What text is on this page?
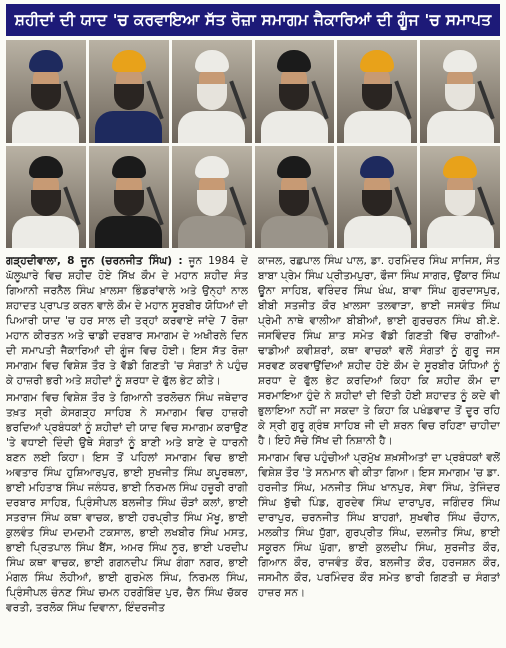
ਸ਼ਹੀਦਾਂ ਦੀ ਯਾਦ 'ਚ ਕਰਵਾਇਆ ਸੱਤ ਰੋਜ਼ਾ ਸਮਾਗਮ ਜੈਕਾਰਿਆਂ ਦੀ ਗੂੰਜ 'ਚ ਸਮਾਪਤ

ਗੜ੍ਹਦੀਵਾਲਾ, 8 ਜੂਨ (ਚਰਨਜੀਤ ਸਿੰਘ) : ਜੂਨ 1984 ਦੇ ਘੱਲੂਘਾਰੇ ਵਿਚ ਸ਼ਹੀਦ ਹੋਏ ਸਿੱਖ ਕੌਮ ਦੇ ਮਹਾਨ ਸ਼ਹੀਦ ਸੰਤ ਗਿਆਨੀ ਜਰਨੈਲ ਸਿੰਘ ਖ਼ਾਲਸਾ ਭਿੰਡਰਾਂਵਾਲੇ ਅਤੇ ਉਨ੍ਹਾਂ ਨਾਲ ਸ਼ਹਾਦਤ ਪ੍ਰਾਪਤ ਕਰਨ ਵਾਲੇ ਕੌਮ ਦੇ ਮਹਾਨ ਸੂਰਬੀਰ ਯੋਧਿਆਂ ਦੀ ਪਿਆਰੀ ਯਾਦ 'ਚ ਹਰ ਸਾਲ ਦੀ ਤਰ੍ਹਾਂ ਕਰਵਾਏ ਜਾਂਦੇ 7 ਰੋਜ਼ਾ ਮਹਾਨ ਕੀਰਤਨ ਅਤੇ ਢਾਡੀ ਦਰਬਾਰ ਸਮਾਗਮ ਦੇ ਅਖੀਰਲੇ ਦਿਨ ਦੀ ਸਮਾਪਤੀ ਜੈਕਾਰਿਆਂ ਦੀ ਗੂੰਜ ਵਿਚ ਹੋਈ। ਇਸ ਸੱਤ ਰੋਜ਼ਾ ਸਮਾਗਮ ਵਿਚ ਵਿਸ਼ੇਸ਼ ਤੌਰ ਤੇ ਵੱਡੀ ਗਿਣਤੀ 'ਚ ਸੰਗਤਾਂ ਨੇ ਪਹੁੰਚ ਕੇ ਹਾਜ਼ਰੀ ਭਰੀ ਅਤੇ ਸ਼ਹੀਦਾਂ ਨੂੰ ਸ਼ਰਧਾ ਦੇ ਫੁੱਲ ਭੇਟ ਕੀਤੇ।

ਸਮਾਗਮ ਵਿਚ ਵਿਸ਼ੇਸ਼ ਤੌਰ ਤੇ ਗਿਆਨੀ ਤਰਲੋਚਨ ਸਿੰਘ ਜਥੇਦਾਰ ਤਖ਼ਤ ਸ੍ਰੀ ਕੇਸਗੜ੍ਹ ਸਾਹਿਬ ਨੇ ਸਮਾਗਮ ਵਿਚ ਹਾਜ਼ਰੀ ਭਰਦਿਆਂ ਪ੍ਰਬੰਧਕਾਂ ਨੂੰ ਸ਼ਹੀਦਾਂ ਦੀ ਯਾਦ ਵਿਚ ਸਮਾਗਮ ਕਰਾਉਣ 'ਤੇ ਵਧਾਈ ਦਿੰਦੀ ਉਥੇ ਸੰਗਤਾਂ ਨੂੰ ਬਾਣੀ ਅਤੇ ਬਾਣੇ ਦੇ ਧਾਰਨੀ ਬਣਨ ਲਈ ਕਿਹਾ। ਇਸ ਤੋਂ ਪਹਿਲਾਂ ਸਮਾਗਮ ਵਿਚ ਭਾਈ ਅਵਤਾਰ ਸਿੰਘ ਹੁਸ਼ਿਆਰਪੁਰ, ਭਾਈ ਸੁਖਜੀਤ ਸਿੰਘ ਕਪੂਰਥਲਾ, ਭਾਈ ਮਹਿਤਾਬ ਸਿੰਘ ਜਲੰਧਰ, ਭਾਈ ਨਿਰਮਲ ਸਿੰਘ ਹਜ਼ੂਰੀ ਰਾਗੀ ਦਰਬਾਰ ਸਾਹਿਬ, ਪ੍ਰਿੰਸੀਪਲ ਬਲਜੀਤ ਸਿੰਘ ਚੌੜਾਂ ਕਲਾਂ, ਭਾਈ ਸਤਰਾਜ ਸਿੰਘ ਕਥਾ ਵਾਚਕ, ਭਾਈ ਹਰਪ੍ਰੀਤ ਸਿੰਘ ਮੱਖੂ, ਭਾਈ ਕੁਲਵੰਤ ਸਿੰਘ ਦਮਦਮੀ ਟਕਸਾਲ, ਭਾਈ ਲਖਬੀਰ ਸਿੰਘ ਮਸਤ, ਭਾਈ ਪ੍ਰਿਤਪਾਲ ਸਿੰਘ ਬੈਂਸ, ਅਮਰ ਸਿੰਘ ਨੂਰ, ਭਾਈ ਪਰਦੀਪ ਸਿੰਘ ਕਥਾ ਵਾਚਕ, ਭਾਈ ਗਗਨਦੀਪ ਸਿੰਘ ਗੰਗਾ ਨਗਰ, ਭਾਈ ਮੰਗਲ ਸਿੰਘ ਲੋਹੀਆਂ, ਭਾਈ ਗੁਰਮੇਲ ਸਿੰਘ, ਨਿਰਮਲ ਸਿੰਘ, ਪ੍ਰਿੰਸੀਪਲ ਚੰਨਣ ਸਿੰਘ ਚਮਨ ਹਰਗੋਬਿੰਦ ਪੁਰ, ਚੈਨ ਸਿੰਘ ਚੱਕਰ ਵਰਤੀ, ਤਰਲੋਕ ਸਿੰਘ ਦਿਵਾਨਾ, ਇੰਦਰਜੀਤ

ਕਾਜਲ, ਰਛਪਾਲ ਸਿੰਘ ਪਾਲ, ਡਾ. ਹਰਮਿੰਦਰ ਸਿੰਘ ਸਾਜਿਸ, ਸੰਤ ਬਾਬਾ ਪ੍ਰੇਮ ਸਿੰਘ ਪ੍ਰੀਤਮਪੁਰਾ, ਫੌਜਾ ਸਿੰਘ ਸਾਗਰ, ਉਂਕਾਰ ਸਿੰਘ ਊਨਾ ਸਾਹਿਬ, ਵਰਿੰਦਰ ਸਿੰਘ ਖੰਘ, ਬਾਵਾ ਸਿੰਘ ਗੁਰਦਾਸਪੁਰ, ਬੀਬੀ ਸਤਜੀਤ ਕੌਰ ਖ਼ਾਲਸਾ ਤਲਵਾੜਾ, ਭਾਈ ਜਸਵੰਤ ਸਿੰਘ ਪ੍ਰੇਮੀ ਨਾਥੇ ਵਾਲੀਆ ਬੀਬੀਆਂ, ਭਾਈ ਗੁਰਚਰਨ ਸਿੰਘ ਬੀ.ਏ. ਜਸਵਿੰਦਰ ਸਿੰਘ ਸ਼ਾਤ ਸਮੇਤ ਵੱਡੀ ਗਿਣਤੀ ਵਿੱਚ ਰਾਗੀਆਂ-ਢਾਡੀਆਂ ਕਵੀਸ਼ਰਾਂ, ਕਥਾ ਵਾਚਕਾਂ ਵਲੋਂ ਸੰਗਤਾਂ ਨੂੰ ਗੁਰੂ ਜਸ ਸਰਵਣ ਕਰਵਾਉਂਦਿਆਂ ਸ਼ਹੀਦ ਹੋਏ ਕੌਮ ਦੇ ਸੂਰਬੀਰ ਯੋਧਿਆਂ ਨੂੰ ਸ਼ਰਧਾ ਦੇ ਫੁੱਲ ਭੇਟ ਕਰਦਿਆਂ ਕਿਹਾ ਕਿ ਸ਼ਹੀਦ ਕੌਮ ਦਾ ਸਰਮਾਇਆ ਹੁੰਦੇ ਨੇ ਸ਼ਹੀਦਾਂ ਦੀ ਦਿੱਤੀ ਹੋਈ ਸ਼ਹਾਦਤ ਨੂੰ ਕਦੇ ਵੀ ਭੁਲਾਇਆ ਨਹੀਂ ਜਾ ਸਕਦਾ ਤੇ ਕਿਹਾ ਕਿ ਪਖੰਡਵਾਦ ਤੋਂ ਦੂਰ ਰਹਿ ਕੇ ਸ੍ਰੀ ਗੁਰੂ ਗ੍ਰੰਥ ਸਾਹਿਬ ਜੀ ਦੀ ਸ਼ਰਨ ਵਿਚ ਰਹਿਣਾ ਚਾਹੀਦਾ ਹੈ। ਇਹੋ ਸੱਚੇ ਸਿੱਖ ਦੀ ਨਿਸ਼ਾਨੀ ਹੈ।

ਸਮਾਗਮ ਵਿਚ ਪਹੁੰਚੀਆਂ ਪ੍ਰਮੁੱਖ ਸ਼ਖ਼ਸੀਅਤਾਂ ਦਾ ਪ੍ਰਬੰਧਕਾਂ ਵਲੋਂ ਵਿਸ਼ੇਸ਼ ਤੌਰ 'ਤੇ ਸਨਮਾਨ ਵੀ ਕੀਤਾ ਗਿਆ। ਇਸ ਸਮਾਗਮ 'ਚ ਡਾ. ਹਰਜੀਤ ਸਿੰਘ, ਮਨਜੀਤ ਸਿੰਘ ਖਾਨਪੁਰ, ਸੇਵਾ ਸਿੰਘ, ਤੇਜਿੰਦਰ ਸਿੰਘ ਬੁੱਢੀ ਪਿੰਡ, ਗੁਰਦੇਵ ਸਿੰਘ ਦਾਰਾਪੁਰ, ਜਗਿੰਦਰ ਸਿੰਘ ਦਾਰਾਪੁਰ, ਚਰਨਜੀਤ ਸਿੰਘ ਬਾਹਗਾਂ, ਸੁਖਵੀਰ ਸਿੰਘ ਚੌਹਾਨ, ਮਲਕੀਤ ਸਿੰਘ ਧੁੱਗਾ, ਗੁਰਪ੍ਰੀਤ ਸਿੰਘ, ਦਲਜੀਤ ਸਿੰਘ, ਭਾਈ ਸਕੂਰਨ ਸਿੰਘ ਘੁੱਗਾ, ਭਾਈ ਕੁਲਦੀਪ ਸਿੰਘ, ਸੁਰਜੀਤ ਕੌਰ, ਗਿਆਨ ਕੌਰ, ਰਾਜਵੰਤ ਕੌਰ, ਬਲਜੀਤ ਕੌਰ, ਹਰਜਸ਼ਨ ਕੌਰ, ਜਸਮੀਨ ਕੌਰ, ਪਰਮਿੰਦਰ ਕੌਰ ਸਮੇਤ ਭਾਰੀ ਗਿਣਤੀ ਚ ਸੰਗਤਾਂ ਹਾਜ਼ਰ ਸਨ।
